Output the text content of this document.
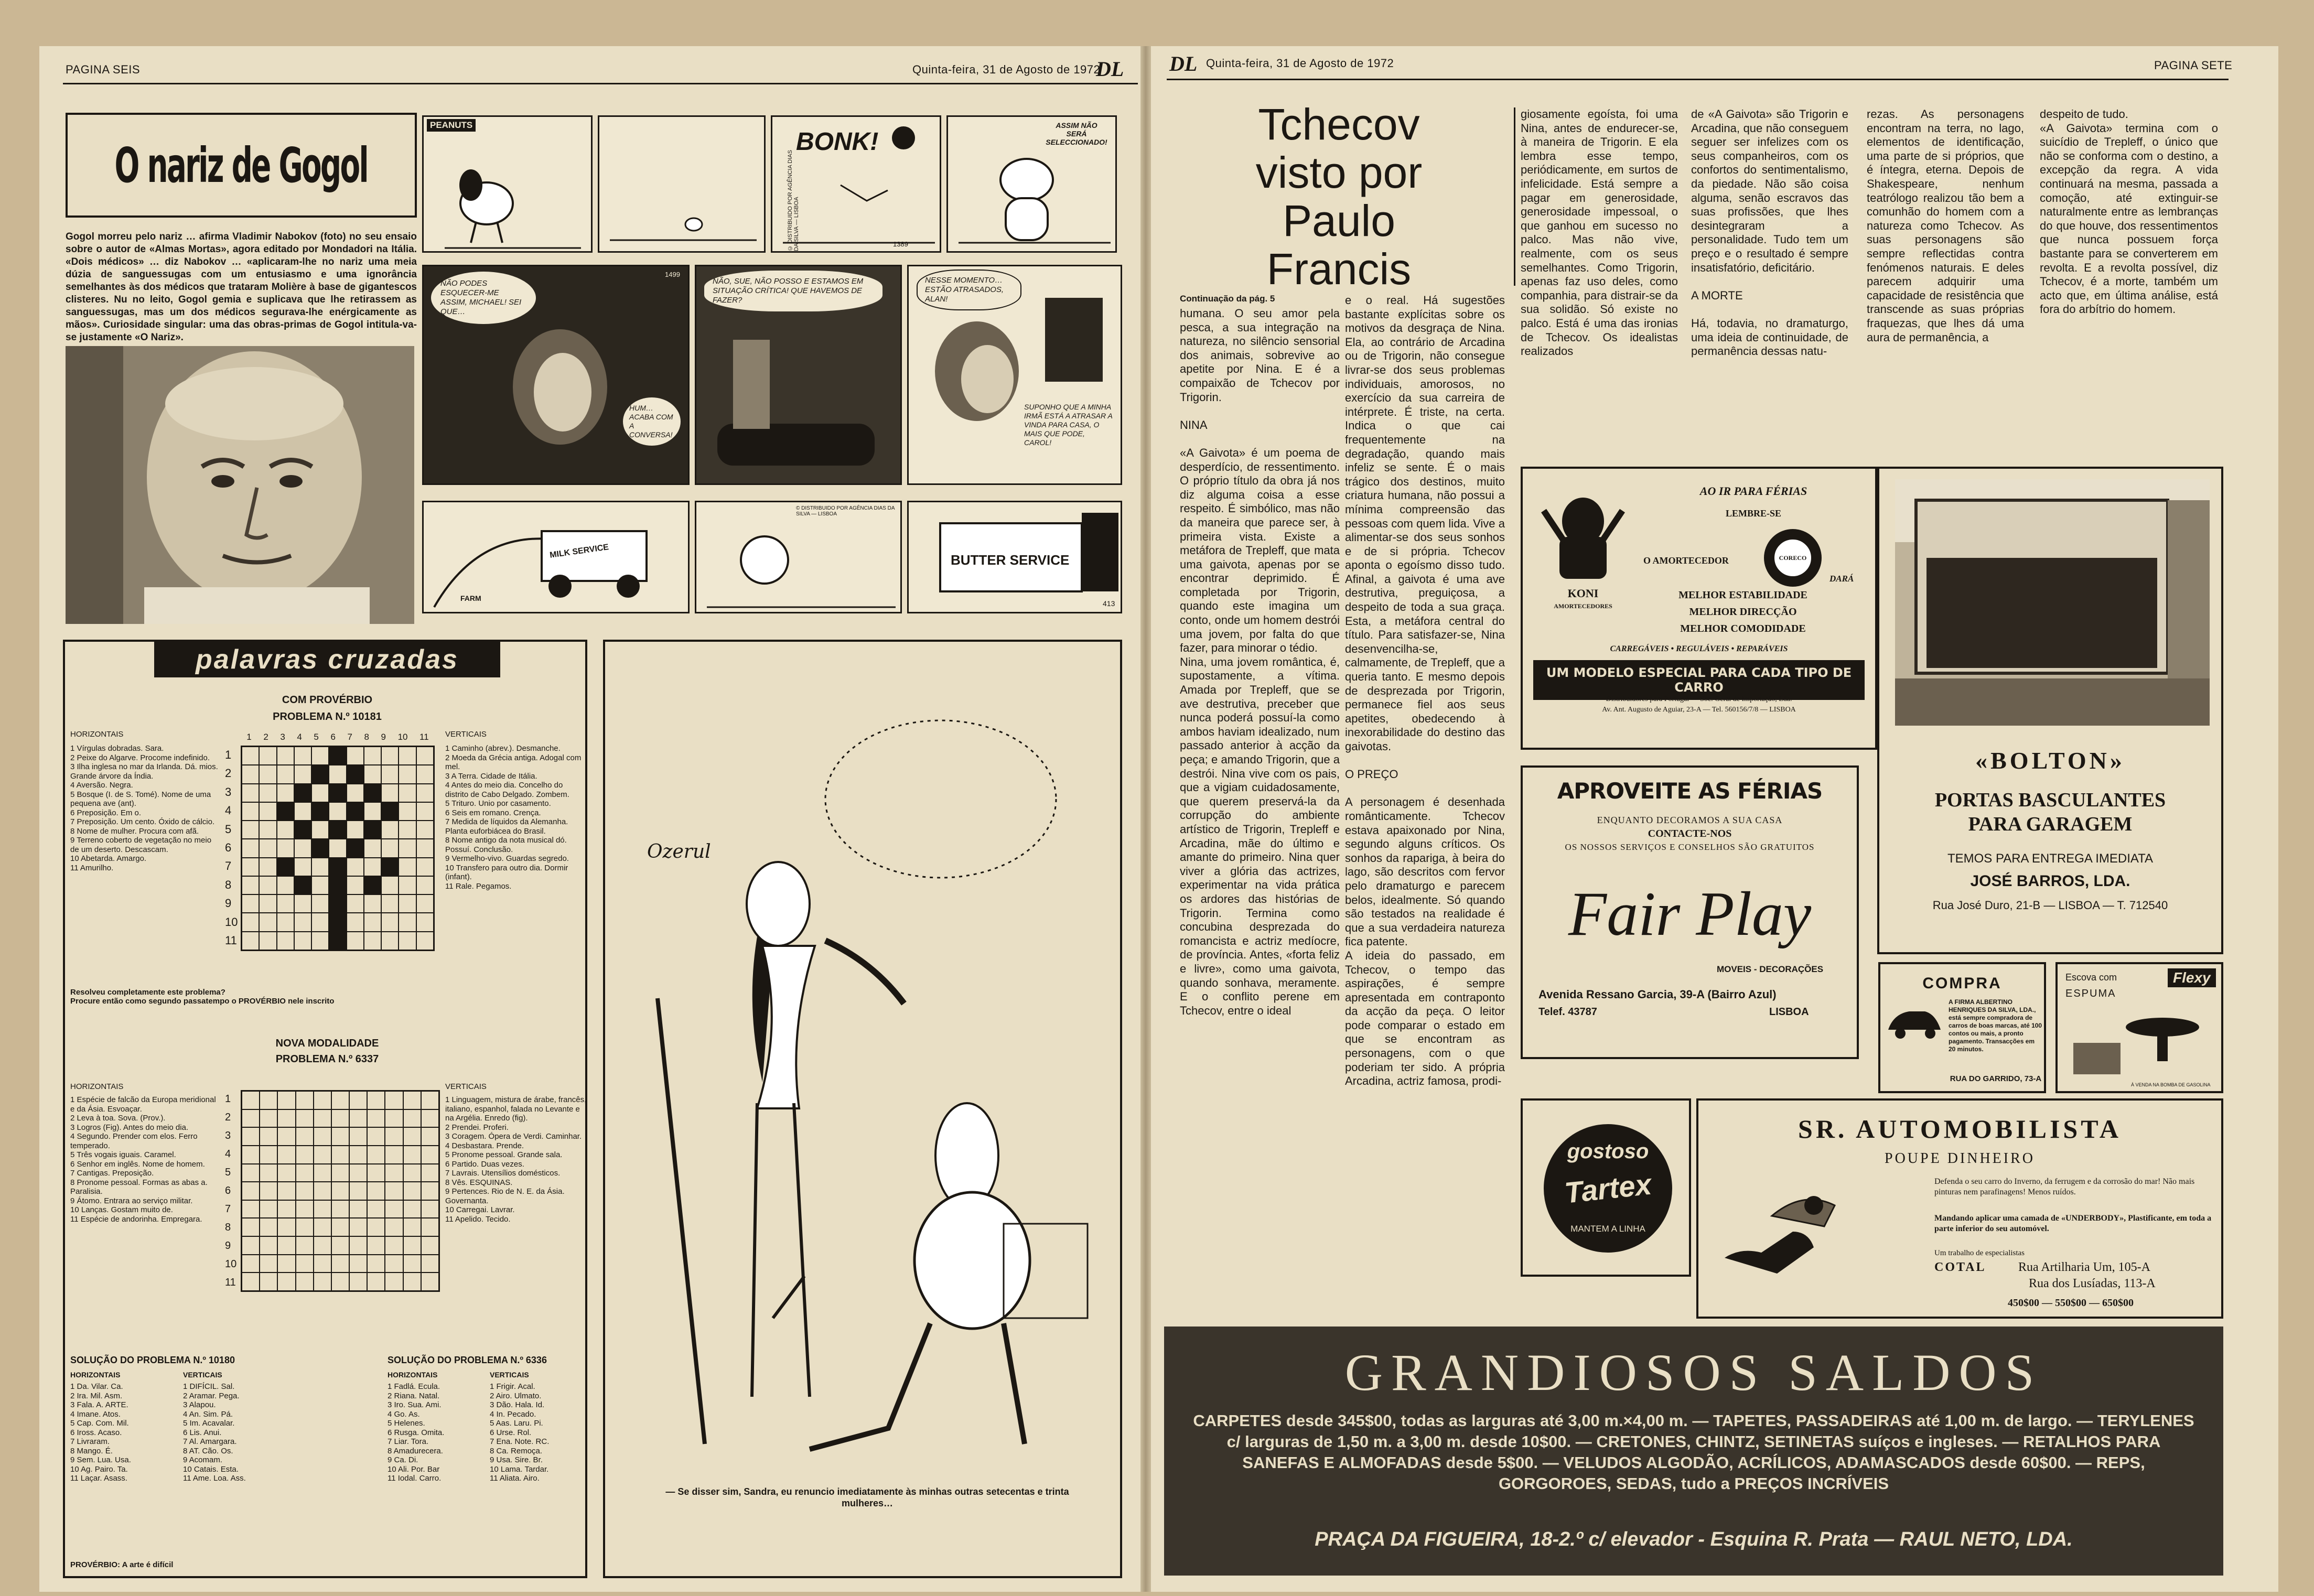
PAGINA SEIS	Quinta-feira, 31 de Agosto de 1972
DL DL Quinta-feira, 31 de Agosto de 1972	PAGINA SETE
O nariz de Gogol
Gogol morreu pelo nariz … afirma Vladimir Nabokov (foto) no seu ensaio sobre o autor de «Almas Mortas», agora editado por Mondadori na Itália. «Dois médicos» … diz Nabokov … «aplicaram-lhe no nariz uma meia dúzia de sanguessugas com um entusiasmo e uma ignorância semelhantes às dos médicos que trataram Molière à base de gigantescos clisteres. Nu no leito, Gogol gemia e suplicava que lhe retirassem as sanguessugas, mas um dos médicos segurava-lhe enérgicamente as mãos». Curiosidade singular: uma das obras-primas de Gogol intitula-va-se justamente «O Nariz».
PEANUTS
BONK!
© DISTRIBUIDO POR AGÊNCIA DIAS DA SILVA — LISBOA	1389
ASSIM NÃO SERÁ SELECCIONADO!
NÃO PODES ESQUECER-ME ASSIM, MICHAEL! SEI QUE…
HUM… ACABA COM A CONVERSA!
1499
NÃO, SUE, NÃO POSSO E ESTAMOS EM SITUAÇÃO CRÍTICA! QUE HAVEMOS DE FAZER?
NESSE MOMENTO… ESTÃO ATRASADOS, ALAN!
SUPONHO QUE A MINHA IRMÃ ESTÁ A ATRASAR A VINDA PARA CASA, O MAIS QUE PODE, CAROL!
MILK SERVICE
FARM
© DISTRIBUIDO POR AGÊNCIA DIAS DA SILVA — LISBOA
BUTTER SERVICE
413
palavras cruzadas
COM PROVÉRBIO
PROBLEMA N.º 10181
HORIZONTAIS
1 Vírgulas dobradas. Sara.
2 Peixe do Algarve. Procome indefinido.
3 Ilha inglesa no mar da Irlanda. Dá. mios. Grande árvore da Índia.
4 Aversão. Negra.
5 Bosque (I. de S. Tomé). Nome de uma pequena ave (ant).
6 Preposição. Em o.
7 Preposição. Um cento. Óxido de cálcio.
8 Nome de mulher. Procura com afã.
9 Terreno coberto de vegetação no meio de um deserto. Descascam.
10 Abetarda. Amargo.
11 Amurilho.
VERTICAIS
1 Caminho (abrev.). Desmanche.
2 Moeda da Grécia antiga. Adogal com mel.
3 A Terra. Cidade de Itália.
4 Antes do meio dia. Concelho do distrito de Cabo Delgado. Zombem.
5 Trituro. Unio por casamento.
6 Seis em romano. Crença.
7 Medida de líquidos da Alemanha. Planta euforbiácea do Brasil.
8 Nome antigo da nota musical dó. Possuí. Conclusão.
9 Vermelho-vivo. Guardas segredo.
10 Transfero para outro dia. Dormir (infant).
11 Rale. Pegamos.
1 2 3 4 5 6 7 8 9 10 11
1
2
3
4
5
6
7
8
9
10
11
Resolveu completamente este problema?
Procure então como segundo passatempo o PROVÉRBIO nele inscrito
NOVA MODALIDADE
PROBLEMA N.º 6337
HORIZONTAIS
1 Espécie de falcão da Europa meridional e da Ásia. Esvoaçar.
2 Leva à toa. Sova. (Prov.).
3 Logros (Fig). Antes do meio dia.
4 Segundo. Prender com elos. Ferro temperado.
5 Três vogais iguais. Caramel.
6 Senhor em inglês. Nome de homem.
7 Cantigas. Preposição.
8 Pronome pessoal. Formas as abas a. Paralisia.
9 Átomo. Entrara ao serviço militar.
10 Lanças. Gostam muito de.
11 Espécie de andorinha. Empregara.
VERTICAIS
1 Linguagem, mistura de árabe, francês, italiano, espanhol, falada no Levante e na Argélia. Enredo (fig).
2 Prendei. Proferi.
3 Coragem. Ópera de Verdi. Caminhar.
4 Desbastara. Prende.
5 Pronome pessoal. Grande sala.
6 Partido. Duas vezes.
7 Lavrais. Utensílios domésticos.
8 Vês. ESQUINAS.
9 Pertences. Rio de N. E. da Ásia. Governanta.
10 Carregai. Lavrar.
11 Apelido. Tecido.
1
2
3
4
5
6
7
8
9
10
11
SOLUÇÃO DO PROBLEMA N.º 10180
HORIZONTAIS
1 Da. Vilar. Ca.
2 Ira. Mil. Asm.
3 Fala. A. ARTE.
4 Imane. Atos.
5 Cap. Com. Mil.
6 Iross. Acaso.
7 Livraram.
8 Mango. É.
9 Sem. Lua. Usa.
10 Ag. Pairo. Ta.
11 Laçar. Asass.
VERTICAIS
1 DIFÍCIL. Sal.
2 Aramar. Pega.
3 Alapou.
4 An. Sim. Pá.
5 Im. Acavalar.
6 Lis. Anui.
7 Al. Amargara.
8 AT. Cão. Os.
9 Acomam.
10 Catais. Esta.
11 Ame. Loa. Ass.
SOLUÇÃO DO PROBLEMA N.º 6336
HORIZONTAIS
1 Fadlá. Ecula.
2 Riana. Natal.
3 Iro. Sua. Ami.
4 Go. As.
5 Helenes.
6 Rusga. Omita.
7 Liar. Tora.
8 Amadurecera.
9 Ca. Di.
10 Ali. Por. Bar
11 Iodal. Carro.
VERTICAIS
1 Frigir. Acal.
2 Airo. Ulmato.
3 Dão. Hala. Id.
4 In. Pecado.
5 Aas. Laru. Pi.
6 Urse. Rol.
7 Ena. Note. RC.
8 Ca. Remoça.
9 Usa. Sire. Br.
10 Lama. Tardar.
11 Aliata. Airo.
PROVÉRBIO: A arte é difícil
Ozerul
— Se disser sim, Sandra, eu renuncio imediatamente às minhas outras setecentas e trinta mulheres…
Tchecov visto por Paulo Francis
Continuação da pág. 5
humana. O seu amor pela pesca, a sua integração na natureza, no silêncio sensorial dos animais, sobrevive ao apetite por Nina. E é a compaixão de Tchecov por Trigorin.

NINA

«A Gaivota» é um poema de desperdício, de ressentimento. O próprio título da obra já nos diz alguma coisa a esse respeito. É simbólico, mas não da maneira que parece ser, à primeira vista. Existe a metáfora de Trepleff, que mata uma gaivota, apenas por se encontrar deprimido. É completada por Trigorin, quando este imagina um conto, onde um homem destrói uma jovem, por falta do que fazer, para minorar o tédio.
Nina, uma jovem romântica, é, supostamente, a vítima. Amada por Trepleff, que se ave destrutiva, preceber que nunca poderá possuí-la como ambos haviam idealizado, num passado anterior à acção da peça; e amando Trigorin, que a destrói. Nina vive com os pais, que a vigiam cuidadosamente, que querem preservá-la da corrupção do ambiente artístico de Trigorin, Trepleff e Arcadina, mãe do último e amante do primeiro. Nina quer viver a glória das actrizes, experimentar na vida prática os ardores das histórias de Trigorin. Termina como concubina desprezada do romancista e actriz medíocre, de província. Antes, «forta feliz e livre», como uma gaivota, quando sonhava, meramente. E o conflito perene em Tchecov, entre o ideal
e o real. Há sugestões bastante explícitas sobre os motivos da desgraça de Nina. Ela, ao contrário de Arcadina ou de Trigorin, não consegue livrar-se dos seus problemas individuais, amorosos, no exercício da sua carreira de intérprete. É triste, na certa. Indica o que cai frequentemente na degradação, quando mais infeliz se sente. É o mais trágico dos destinos, muito criatura humana, não possui a mínima compreensão das pessoas com quem lida. Vive a alimentar-se dos seus sonhos e de si própria. Tchecov aponta o egoísmo disso tudo. Afinal, a gaivota é uma ave destrutiva, preguiçosa, a despeito de toda a sua graça. Esta, a metáfora central do título. Para satisfazer-se, Nina desenvencilha-se, calmamente, de Trepleff, que a queria tanto. E mesmo depois de desprezada por Trigorin, permanece fiel aos seus apetites, obedecendo à inexorabilidade do destino das gaivotas.

O PREÇO

A personagem é desenhada românticamente. Tchecov estava apaixonado por Nina, segundo alguns críticos. Os sonhos da rapariga, à beira do lago, são descritos com fervor pelo dramaturgo e parecem belos, idealmente. Só quando são testados na realidade é que a sua verdadeira natureza fica patente.
A ideia do passado, em Tchecov, o tempo das aspirações, é sempre apresentada em contraponto da acção da peça. O leitor pode comparar o estado em que se encontram as personagens, com o que poderiam ter sido. A própria Arcadina, actriz famosa, prodi-
giosamente egoísta, foi uma Nina, antes de endurecer-se, à maneira de Trigorin. E ela lembra esse tempo, periódicamente, em surtos de infelicidade. Está sempre a pagar em generosidade, generosidade impessoal, o que ganhou em sucesso no palco. Mas não vive, realmente, com os seus semelhantes. Como Trigorin, apenas faz uso deles, como companhia, para distrair-se da sua solidão. Só existe no palco. Está é uma das ironias de Tchecov. Os idealistas realizados
de «A Gaivota» são Trigorin e Arcadina, que não conseguem seguer ser infelizes com os seus companheiros, com os confortos do sentimentalismo, da piedade. Não são coisa alguma, senão escravos das suas profissões, que lhes desintegraram a personalidade. Tudo tem um preço e o resultado é sempre insatisfatório, deficitário.

A MORTE

Há, todavia, no dramaturgo, uma ideia de continuidade, de permanência dessas natu-
rezas. As personagens encontram na terra, no lago, elementos de identificação, uma parte de si próprios, que é íntegra, eterna. Depois de Shakespeare, nenhum teatrólogo realizou tão bem a comunhão do homem com a natureza como Tchecov. As suas personagens são sempre reflectidas contra fenómenos naturais. E deles parecem adquirir uma capacidade de resistência que transcende as suas próprias fraquezas, que lhes dá uma aura de permanência, a
despeito de tudo.
«A Gaivota» termina com o suicídio de Trepleff, o único que não se conforma com o destino, a excepção da regra. A vida continuará na mesma, passada a comoção, até extinguir-se naturalmente entre as lembranças do que houve, dos ressentimentos que nunca possuem força bastante para se converterem em revolta. E a revolta possível, diz Tchecov, é a morte, também um acto que, em última análise, está fora do arbítrio do homem.
AO IR PARA FÉRIAS
LEMBRE-SE
O AMORTECEDOR	CORECO
DARÁ
KONI
AMORTECEDORES
MELHOR ESTABILIDADE
MELHOR DIRECÇÃO
MELHOR COMODIDADE
CARREGÁVEIS • REGULÁVEIS • REPARÁVEIS
UM MODELO ESPECIAL PARA CADA TIPO DE CARRO
Distribuidores para Portugal — Soc. Geral de Importação, Lda.
Av. Ant. Augusto de Aguiar, 23-A — Tel. 560156/7/8 — LISBOA
«BOLTON»
PORTAS BASCULANTES
PARA GARAGEM
TEMOS PARA ENTREGA IMEDIATA
JOSÉ BARROS, LDA.
Rua José Duro, 21-B — LISBOA — T. 712540
APROVEITE AS FÉRIAS
ENQUANTO DECORAMOS A SUA CASA
CONTACTE-NOS
OS NOSSOS SERVIÇOS E CONSELHOS SÃO GRATUITOS
Fair Play
MOVEIS - DECORAÇÕES
Avenida Ressano Garcia, 39-A (Bairro Azul)
Telef. 43787	LISBOA
COMPRA
A FIRMA ALBERTINO HENRIQUES DA SILVA, LDA., está sempre compradora de carros de boas marcas, até 100 contos ou mais, a pronto pagamento. Transacções em 20 minutos.
RUA DO GARRIDO, 73-A
Escova com
ESPUMA
Flexy
À VENDA NA BOMBA DE GASOLINA
gostoso
Tartex
MANTEM A LINHA
SR. AUTOMOBILISTA
POUPE DINHEIRO
Defenda o seu carro do Inverno, da ferrugem e da corrosão do mar! Não mais pinturas nem parafinagens! Menos ruídos.
Mandando aplicar uma camada de «UNDERBODY», Plastificante, em toda a parte inferior do seu automóvel.
Um trabalho de especialistas
COTAL	Rua Artilharia Um, 105-A
Rua dos Lusíadas, 113-A
450$00 — 550$00 — 650$00
GRANDIOSOS SALDOS
CARPETES desde 345$00, todas as larguras até 3,00 m.×4,00 m. — TAPETES, PASSADEIRAS até 1,00 m. de largo. — TERYLENES c/ larguras de 1,50 m. a 3,00 m. desde 10$00. — CRETONES, CHINTZ, SETINETAS suíços e ingleses. — RETALHOS PARA SANEFAS E ALMOFADAS desde 5$00. — VELUDOS ALGODÃO, ACRÍLICOS, ADAMASCADOS desde 60$00. — REPS, GORGOROES, SEDAS, tudo a PREÇOS INCRÍVEIS
PRAÇA DA FIGUEIRA, 18-2.º c/ elevador - Esquina R. Prata — RAUL NETO, LDA.
